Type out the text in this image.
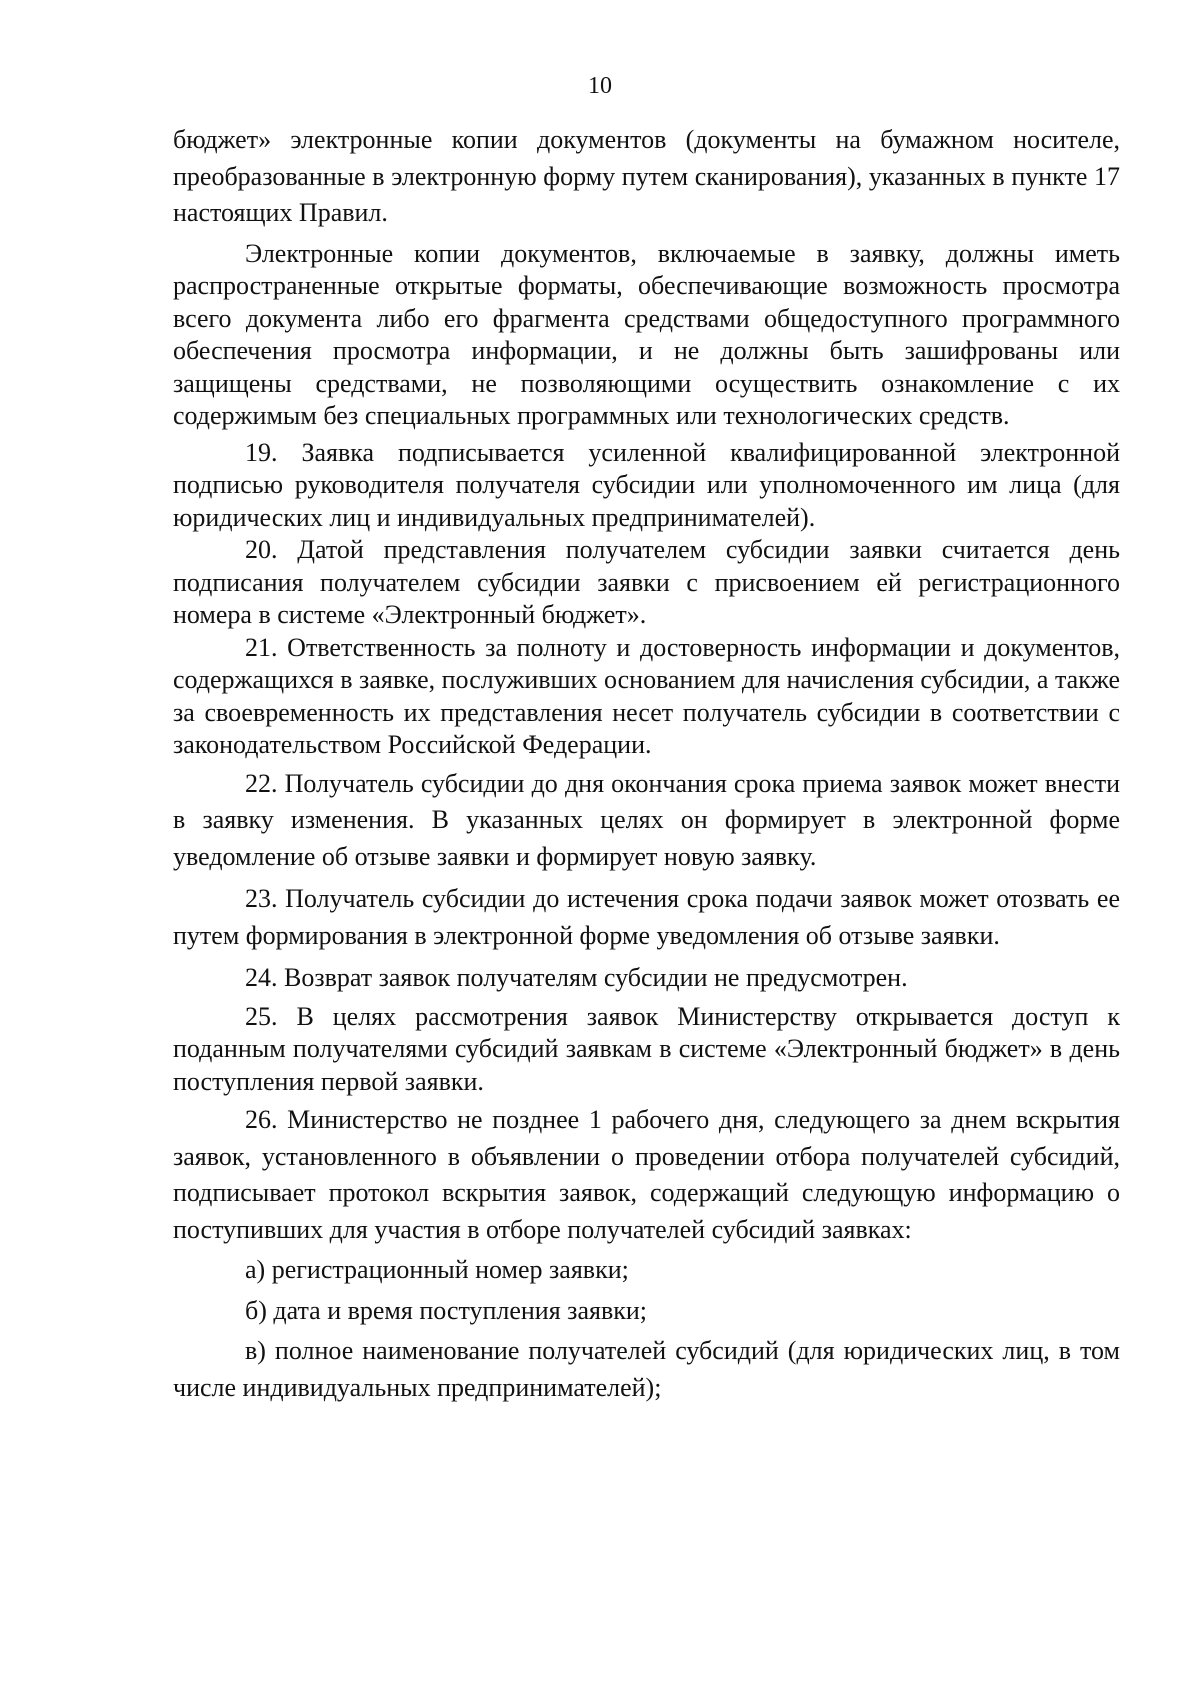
10

бюджет» электронные копии документов (документы на бумажном носителе, преобразованные в электронную форму путем сканирования), указанных в пункте 17 настоящих Правил.

Электронные копии документов, включаемые в заявку, должны иметь распространенные открытые форматы, обеспечивающие возможность просмотра всего документа либо его фрагмента средствами общедоступного программного обеспечения просмотра информации, и не должны быть зашифрованы или защищены средствами, не позволяющими осуществить ознакомление с их содержимым без специальных программных или технологических средств.

19. Заявка подписывается усиленной квалифицированной электронной подписью руководителя получателя субсидии или уполномоченного им лица (для юридических лиц и индивидуальных предпринимателей).

20. Датой представления получателем субсидии заявки считается день подписания получателем субсидии заявки с присвоением ей регистрационного номера в системе «Электронный бюджет».

21. Ответственность за полноту и достоверность информации и документов, содержащихся в заявке, послуживших основанием для начисления субсидии, а также за своевременность их представления несет получатель субсидии в соответствии с законодательством Российской Федерации.

22. Получатель субсидии до дня окончания срока приема заявок может внести в заявку изменения. В указанных целях он формирует в электронной форме уведомление об отзыве заявки и формирует новую заявку.

23. Получатель субсидии до истечения срока подачи заявок может отозвать ее путем формирования в электронной форме уведомления об отзыве заявки.

24. Возврат заявок получателям субсидии не предусмотрен.

25. В целях рассмотрения заявок Министерству открывается доступ к поданным получателями субсидий заявкам в системе «Электронный бюджет» в день поступления первой заявки.

26. Министерство не позднее 1 рабочего дня, следующего за днем вскрытия заявок, установленного в объявлении о проведении отбора получателей субсидий, подписывает протокол вскрытия заявок, содержащий следующую информацию о поступивших для участия в отборе получателей субсидий заявках:

а) регистрационный номер заявки;

б) дата и время поступления заявки;

в) полное наименование получателей субсидий (для юридических лиц, в том числе индивидуальных предпринимателей);
